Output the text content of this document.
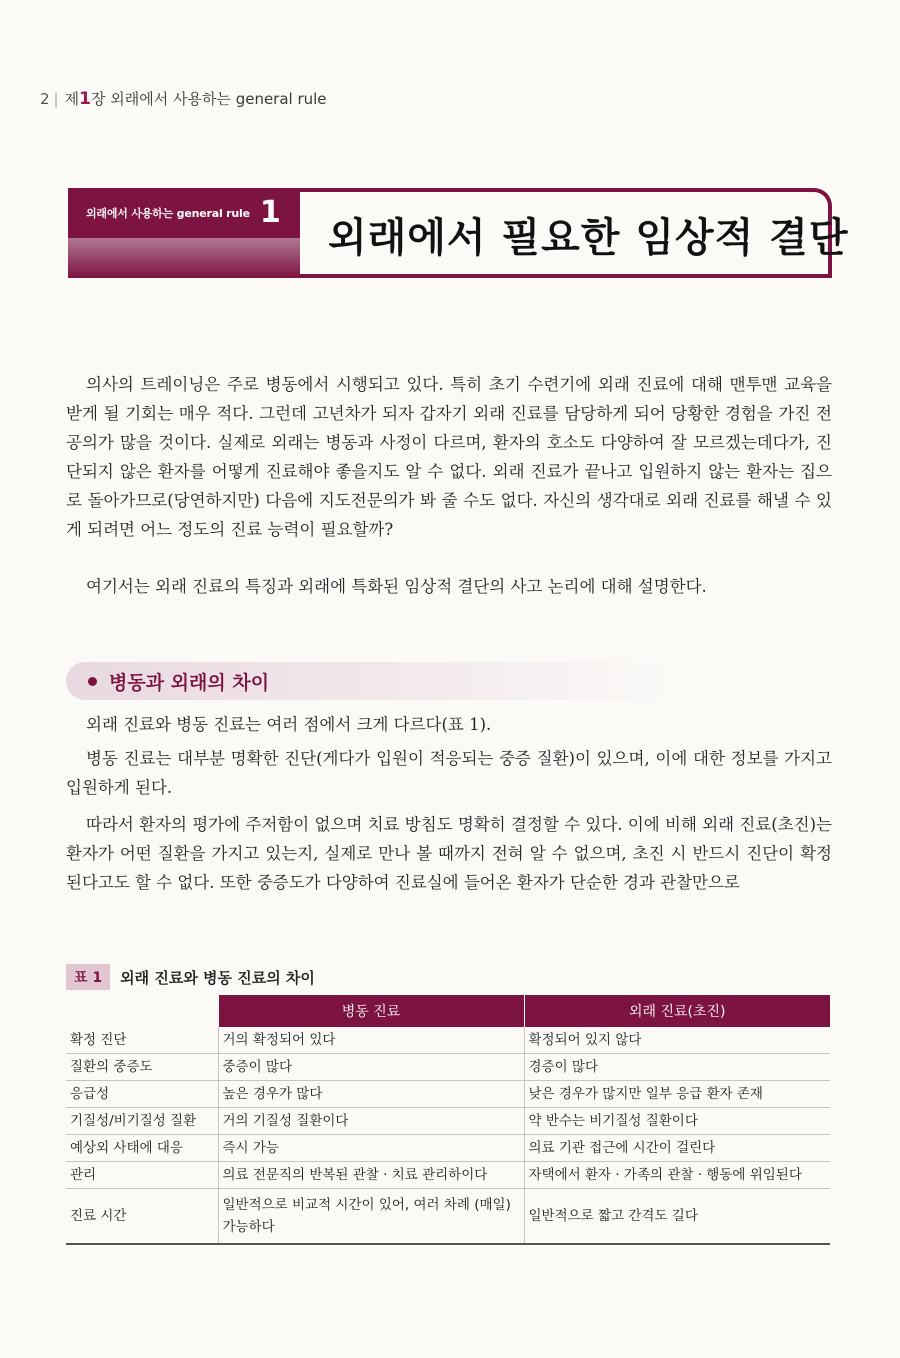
2 | 제1장 외래에서 사용하는 general rule
외래에서 사용하는 general rule 1
외래에서 필요한 임상적 결단

의사의 트레이닝은 주로 병동에서 시행되고 있다. 특히 초기 수련기에 외래 진료에 대해 맨투맨 교육을 받게 될 기회는 매우 적다. 그런데 고년차가 되자 갑자기 외래 진료를 담당하게 되어 당황한 경험을 가진 전공의가 많을 것이다. 실제로 외래는 병동과 사정이 다르며, 환자의 호소도 다양하여 잘 모르겠는데다가, 진단되지 않은 환자를 어떻게 진료해야 좋을지도 알 수 없다. 외래 진료가 끝나고 입원하지 않는 환자는 집으로 돌아가므로(당연하지만) 다음에 지도전문의가 봐 줄 수도 없다. 자신의 생각대로 외래 진료를 해낼 수 있게 되려면 어느 정도의 진료 능력이 필요할까?

여기서는 외래 진료의 특징과 외래에 특화된 임상적 결단의 사고 논리에 대해 설명한다.

병동과 외래의 차이

외래 진료와 병동 진료는 여러 점에서 크게 다르다(표 1).

병동 진료는 대부분 명확한 진단(게다가 입원이 적응되는 중증 질환)이 있으며, 이에 대한 정보를 가지고 입원하게 된다.

따라서 환자의 평가에 주저함이 없으며 치료 방침도 명확히 결정할 수 있다. 이에 비해 외래 진료(초진)는 환자가 어떤 질환을 가지고 있는지, 실제로 만나 볼 때까지 전혀 알 수 없으며, 초진 시 반드시 진단이 확정된다고도 할 수 없다. 또한 중증도가 다양하여 진료실에 들어온 환자가 단순한 경과 관찰만으로

표 1	외래 진료와 병동 진료의 차이
	병동 진료	외래 진료(초진)
확정 진단	거의 확정되어 있다	확정되어 있지 않다
질환의 중증도	중증이 많다	경증이 많다
응급성	높은 경우가 많다	낮은 경우가 많지만 일부 응급 환자 존재
기질성/비기질성 질환	거의 기질성 질환이다	약 반수는 비기질성 질환이다
예상외 사태에 대응	즉시 가능	의료 기관 접근에 시간이 걸린다
관리	의료 전문직의 반복된 관찰 · 치료 관리하이다	자택에서 환자 · 가족의 관찰 · 행동에 위임된다
진료 시간	일반적으로 비교적 시간이 있어, 여러 차례 (매일) 가능하다	일반적으로 짧고 간격도 길다
